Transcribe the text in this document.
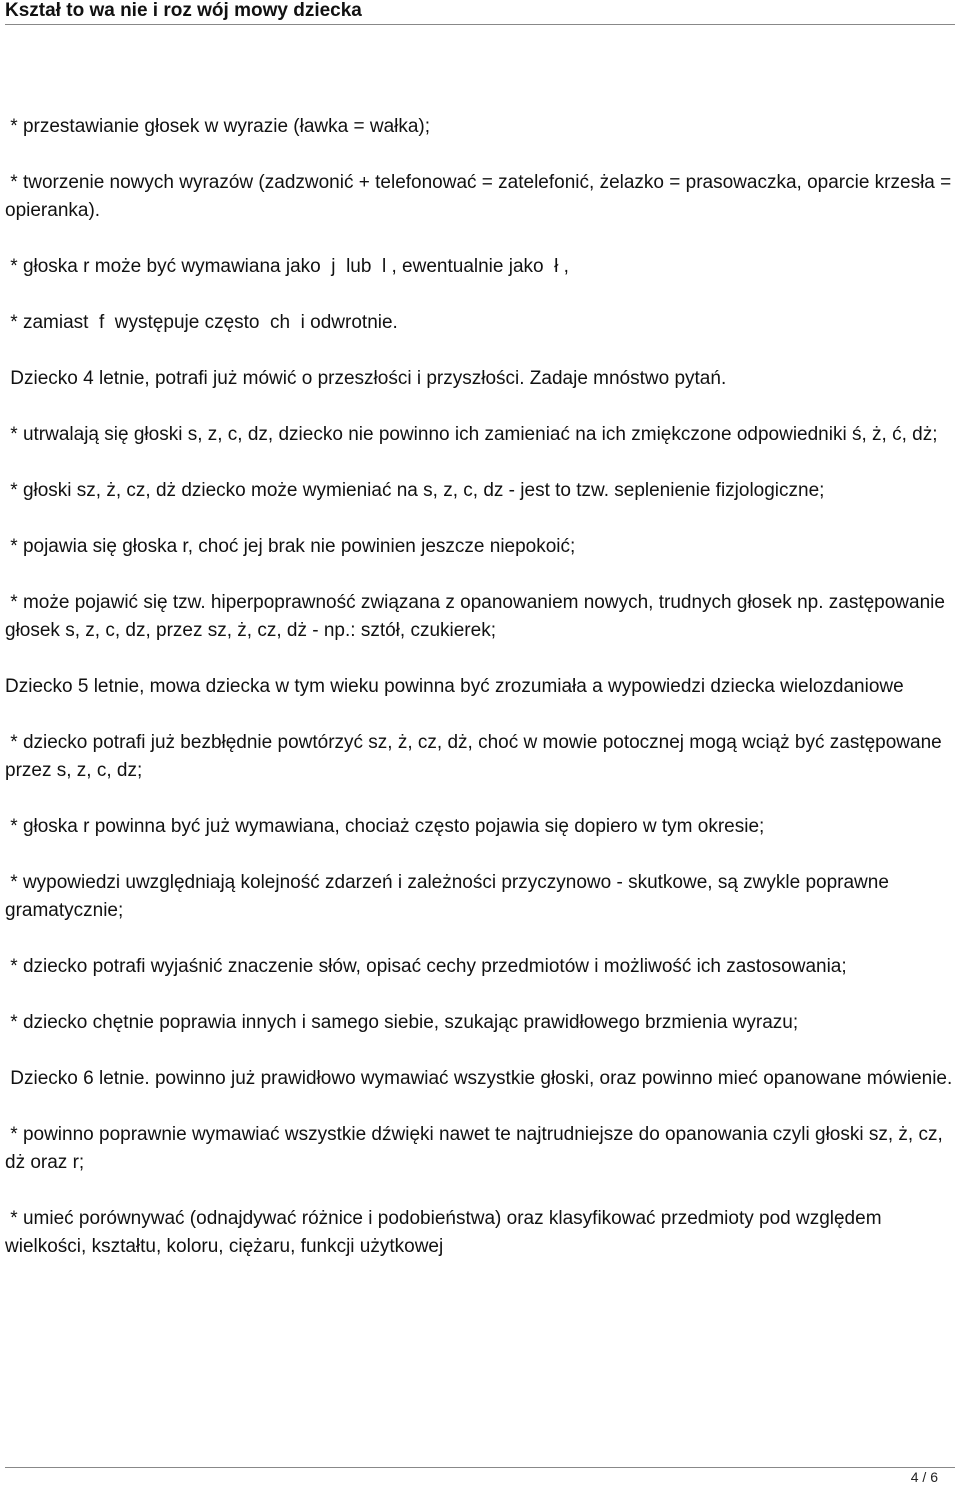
Kształ to wa nie i roz wój mowy dziecka

* przestawianie głosek w wyrazie (ławka = wałka);

* tworzenie nowych wyrazów (zadzwonić + telefonować = zatelefonić, żelazko = prasowaczka, oparcie krzesła = opieranka).

* głoska r może być wymawiana jako  j  lub  l , ewentualnie jako  ł ,

* zamiast  f  występuje często  ch  i odwrotnie.

Dziecko 4 letnie, potrafi już mówić o przeszłości i przyszłości. Zadaje mnóstwo pytań.

* utrwalają się głoski s, z, c, dz, dziecko nie powinno ich zamieniać na ich zmiękczone odpowiedniki ś, ż, ć, dż;

* głoski sz, ż, cz, dż dziecko może wymieniać na s, z, c, dz - jest to tzw. seplenienie fizjologiczne;

* pojawia się głoska r, choć jej brak nie powinien jeszcze niepokoić;

* może pojawić się tzw. hiperpoprawność związana z opanowaniem nowych, trudnych głosek np. zastępowanie głosek s, z, c, dz, przez sz, ż, cz, dż - np.: sztół, czukierek;

Dziecko 5 letnie, mowa dziecka w tym wieku powinna być zrozumiała a wypowiedzi dziecka wielozdaniowe

* dziecko potrafi już bezbłędnie powtórzyć sz, ż, cz, dż, choć w mowie potocznej mogą wciąż być zastępowane przez s, z, c, dz;

* głoska r powinna być już wymawiana, chociaż często pojawia się dopiero w tym okresie;

* wypowiedzi uwzględniają kolejność zdarzeń i zależności przyczynowo - skutkowe, są zwykle poprawne gramatycznie;

* dziecko potrafi wyjaśnić znaczenie słów, opisać cechy przedmiotów i możliwość ich zastosowania;

* dziecko chętnie poprawia innych i samego siebie, szukając prawidłowego brzmienia wyrazu;

Dziecko 6 letnie. powinno już prawidłowo wymawiać wszystkie głoski, oraz powinno mieć opanowane mówienie.

* powinno poprawnie wymawiać wszystkie dźwięki nawet te najtrudniejsze do opanowania czyli głoski sz, ż, cz, dż oraz r;

* umieć porównywać (odnajdywać różnice i podobieństwa) oraz klasyfikować przedmioty pod względem wielkości, kształtu, koloru, ciężaru, funkcji użytkowej

4 / 6
